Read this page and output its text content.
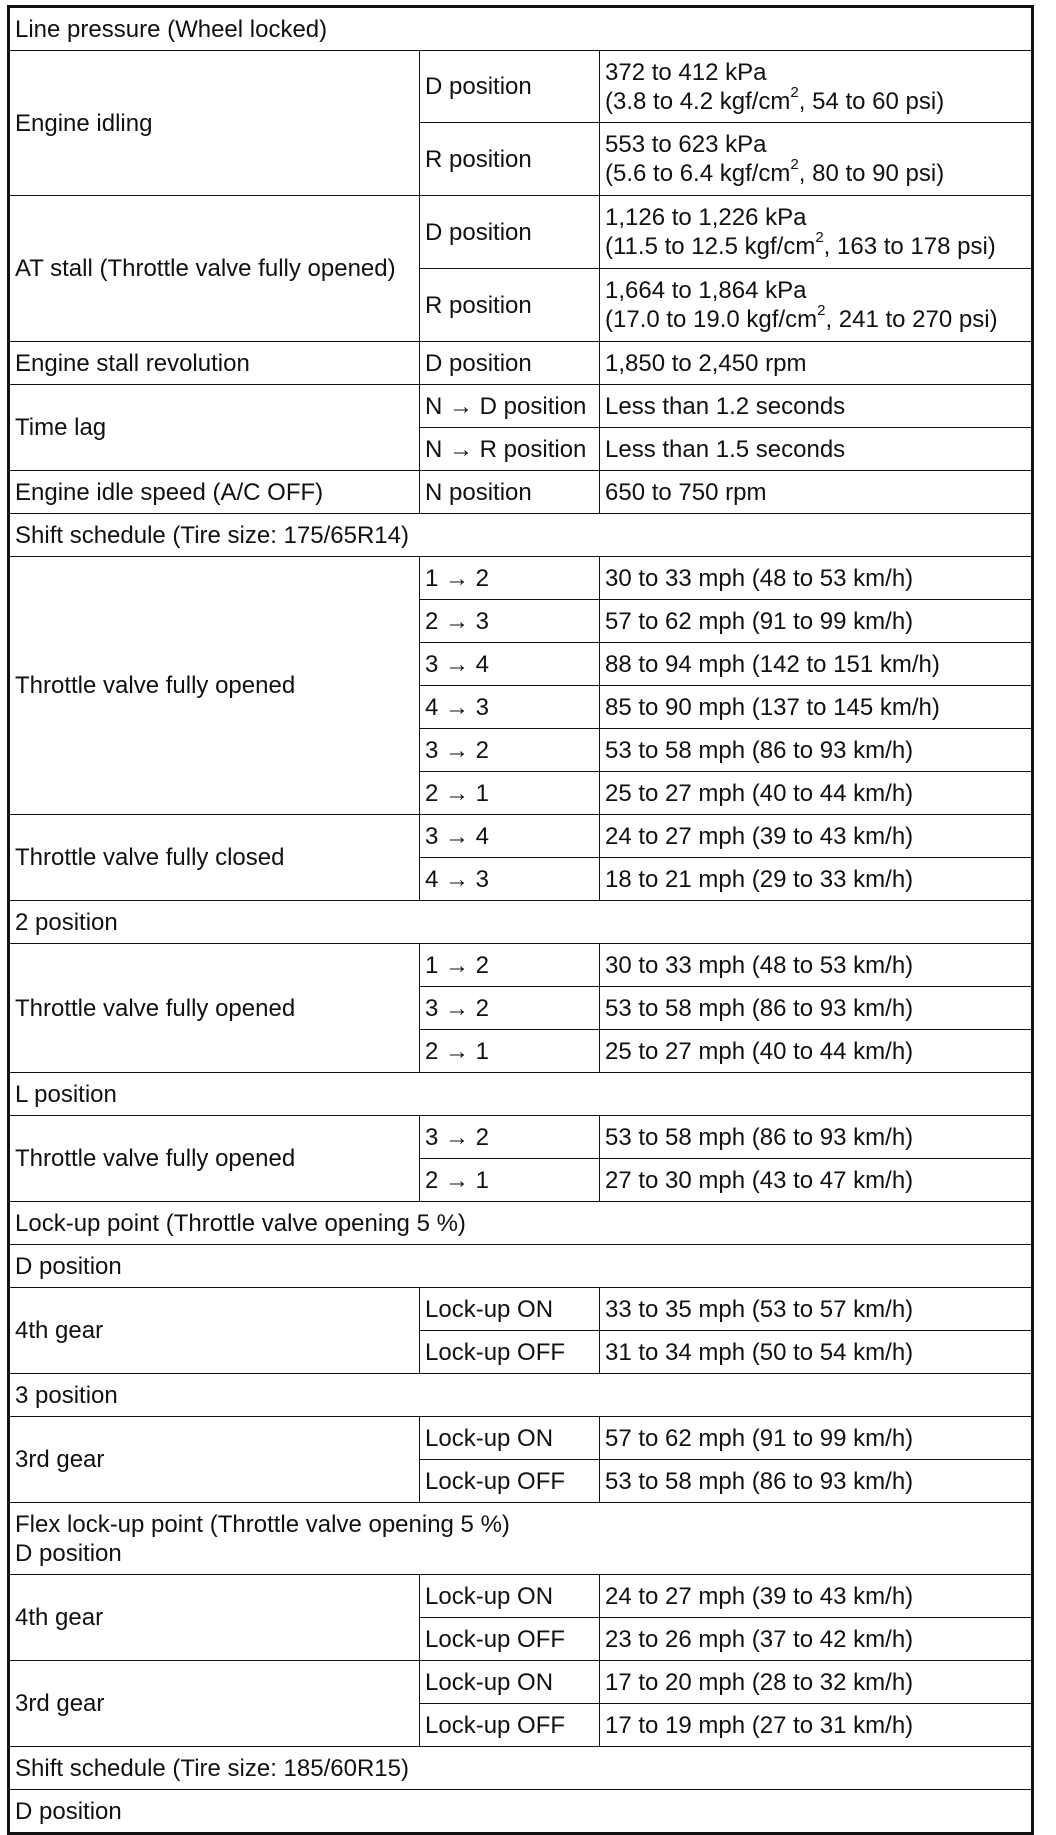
Line pressure (Wheel locked)		
Engine idling	D position	372 to 412 kPa
(3.8 to 4.2 kgf/$cm^2$, 54 to 60 psi)

	R position	553 to 623 kPa
(5.6 to 6.4 kgf/$cm^2$, 80 to 90 psi)

AT stall (Throttle valve fully opened)	D position	1,126 to 1,226 kPa
(11.5 to 12.5 kgf/$cm^2$, 163 to 178 psi)

	R position	1,664 to 1,864 kPa
(17.0 to 19.0 kgf/$cm^2$, 241 to 270 psi)

Engine stall revolution	D position	1,850 to 2,450 rpm
Time lag	N → D position	Less than 1.2 seconds
	N → R position	Less than 1.5 seconds
Engine idle speed (A/C OFF)	N position	650 to 750 rpm
Shift schedule (Tire size: 175/65R14)		
Throttle valve fully opened	1 → 2	30 to 33 mph (48 to 53 km/h)
	2 → 3	57 to 62 mph (91 to 99 km/h)
	3 → 4	88 to 94 mph (142 to 151 km/h)
	4 → 3	85 to 90 mph (137 to 145 km/h)
	3 → 2	53 to 58 mph (86 to 93 km/h)
	2 → 1	25 to 27 mph (40 to 44 km/h)
Throttle valve fully closed	3 → 4	24 to 27 mph (39 to 43 km/h)
	4 → 3	18 to 21 mph (29 to 33 km/h)
2 position		
Throttle valve fully opened	1 → 2	30 to 33 mph (48 to 53 km/h)
	3 → 2	53 to 58 mph (86 to 93 km/h)
	2 → 1	25 to 27 mph (40 to 44 km/h)
L position		
Throttle valve fully opened	3 → 2	53 to 58 mph (86 to 93 km/h)
	2 → 1	27 to 30 mph (43 to 47 km/h)
Lock-up point (Throttle valve opening 5 %)		
D position		
4th gear	Lock-up ON	33 to 35 mph (53 to 57 km/h)
	Lock-up OFF	31 to 34 mph (50 to 54 km/h)
3 position		
3rd gear	Lock-up ON	57 to 62 mph (91 to 99 km/h)
	Lock-up OFF	53 to 58 mph (86 to 93 km/h)

Flex lock-up point (Throttle valve opening 5 %)
D position		

4th gear	Lock-up ON	24 to 27 mph (39 to 43 km/h)
	Lock-up OFF	23 to 26 mph (37 to 42 km/h)
3rd gear	Lock-up ON	17 to 20 mph (28 to 32 km/h)
	Lock-up OFF	17 to 19 mph (27 to 31 km/h)
Shift schedule (Tire size: 185/60R15)		
D position		
